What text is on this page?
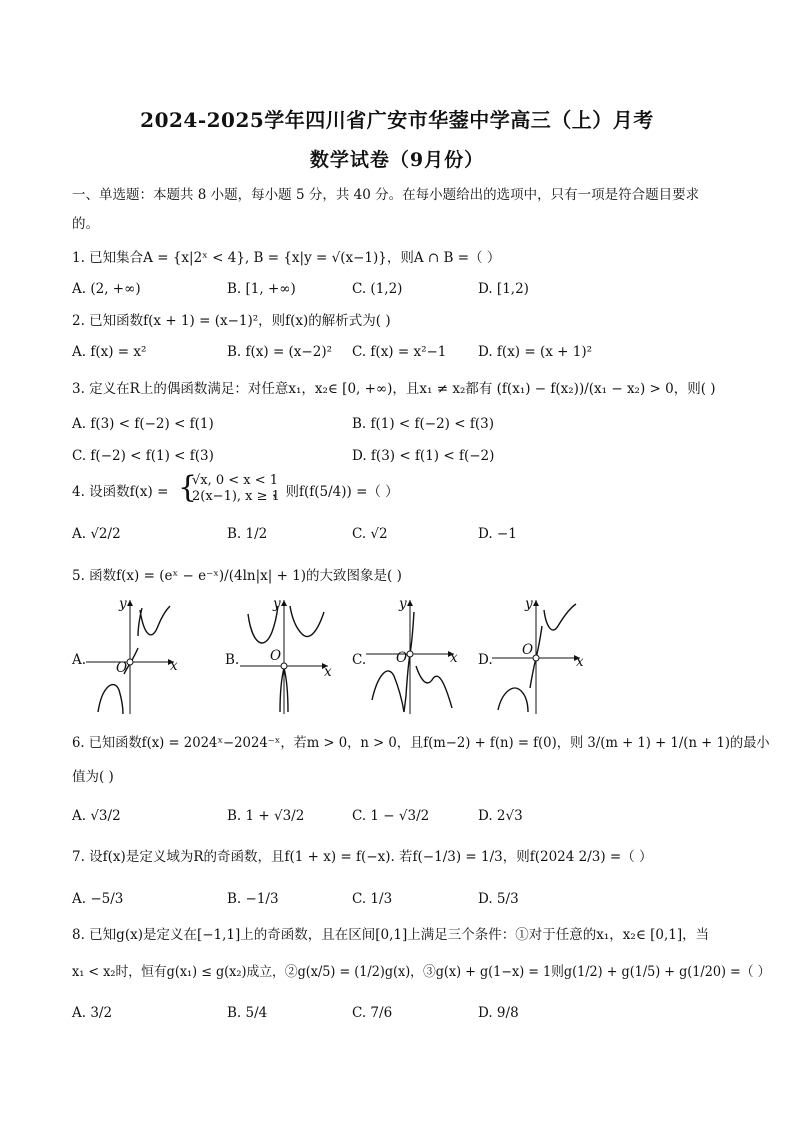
2024-2025学年四川省广安市华蓥中学高三（上）月考
数学试卷（9月份）
一、单选题：本题共 8 小题，每小题 5 分，共 40 分。在每小题给出的选项中，只有一项是符合题目要求
的。
1. 已知集合A = {x|2ˣ < 4}, B = {x|y = √(x−1)}，则A ∩ B =（ ）
A. (2, +∞)	B. [1, +∞)	C. (1,2)	D. [1,2)
2. 已知函数f(x + 1) = (x−1)²，则f(x)的解析式为( )
A. f(x) = x²	B. f(x) = (x−2)² C. f(x) = x²−1 D. f(x) = (x + 1)²
3. 定义在R上的偶函数满足：对任意x₁，x₂∈ [0, +∞)，且x₁ ≠ x₂都有 (f(x₁) − f(x₂))/(x₁ − x₂) > 0，则( )
A. f(3) < f(−2) < f(1)	B. f(1) < f(−2) < f(3)
C. f(−2) < f(1) < f(3)	D. f(3) < f(1) < f(−2)
4. 设函数f(x) = {
√x, 0 < x < 1
2(x−1), x ≥ 1
，则f(f(5/4)) =（ ）
A. √2/2	B. 1/2	C. √2	D. −1
5. 函数f(x) = (eˣ − e⁻ˣ)/(4ln|x| + 1)的大致图象是( )
A.	B.	C.	D.
y
x
O
y
x
O
y
x
O
y
x
O
6. 已知函数f(x) = 2024ˣ−2024⁻ˣ，若m > 0，n > 0，且f(m−2) + f(n) = f(0)，则 3/(m + 1) + 1/(n + 1)的最小
值为( )
A. √3/2	B. 1 + √3/2	C. 1 − √3/2	D. 2√3
7. 设f(x)是定义域为R的奇函数，且f(1 + x) = f(−x). 若f(−1/3) = 1/3，则f(2024 2/3) =（ ）
A. −5/3	B. −1/3	C. 1/3	D. 5/3
8. 已知g(x)是定义在[−1,1]上的奇函数，且在区间[0,1]上满足三个条件：①对于任意的x₁，x₂∈ [0,1]，当
x₁ < x₂时，恒有g(x₁) ≤ g(x₂)成立，②g(x/5) = (1/2)g(x)，③g(x) + g(1−x) = 1则g(1/2) + g(1/5) + g(1/20) =（ ）
A. 3/2	B. 5/4	C. 7/6	D. 9/8
